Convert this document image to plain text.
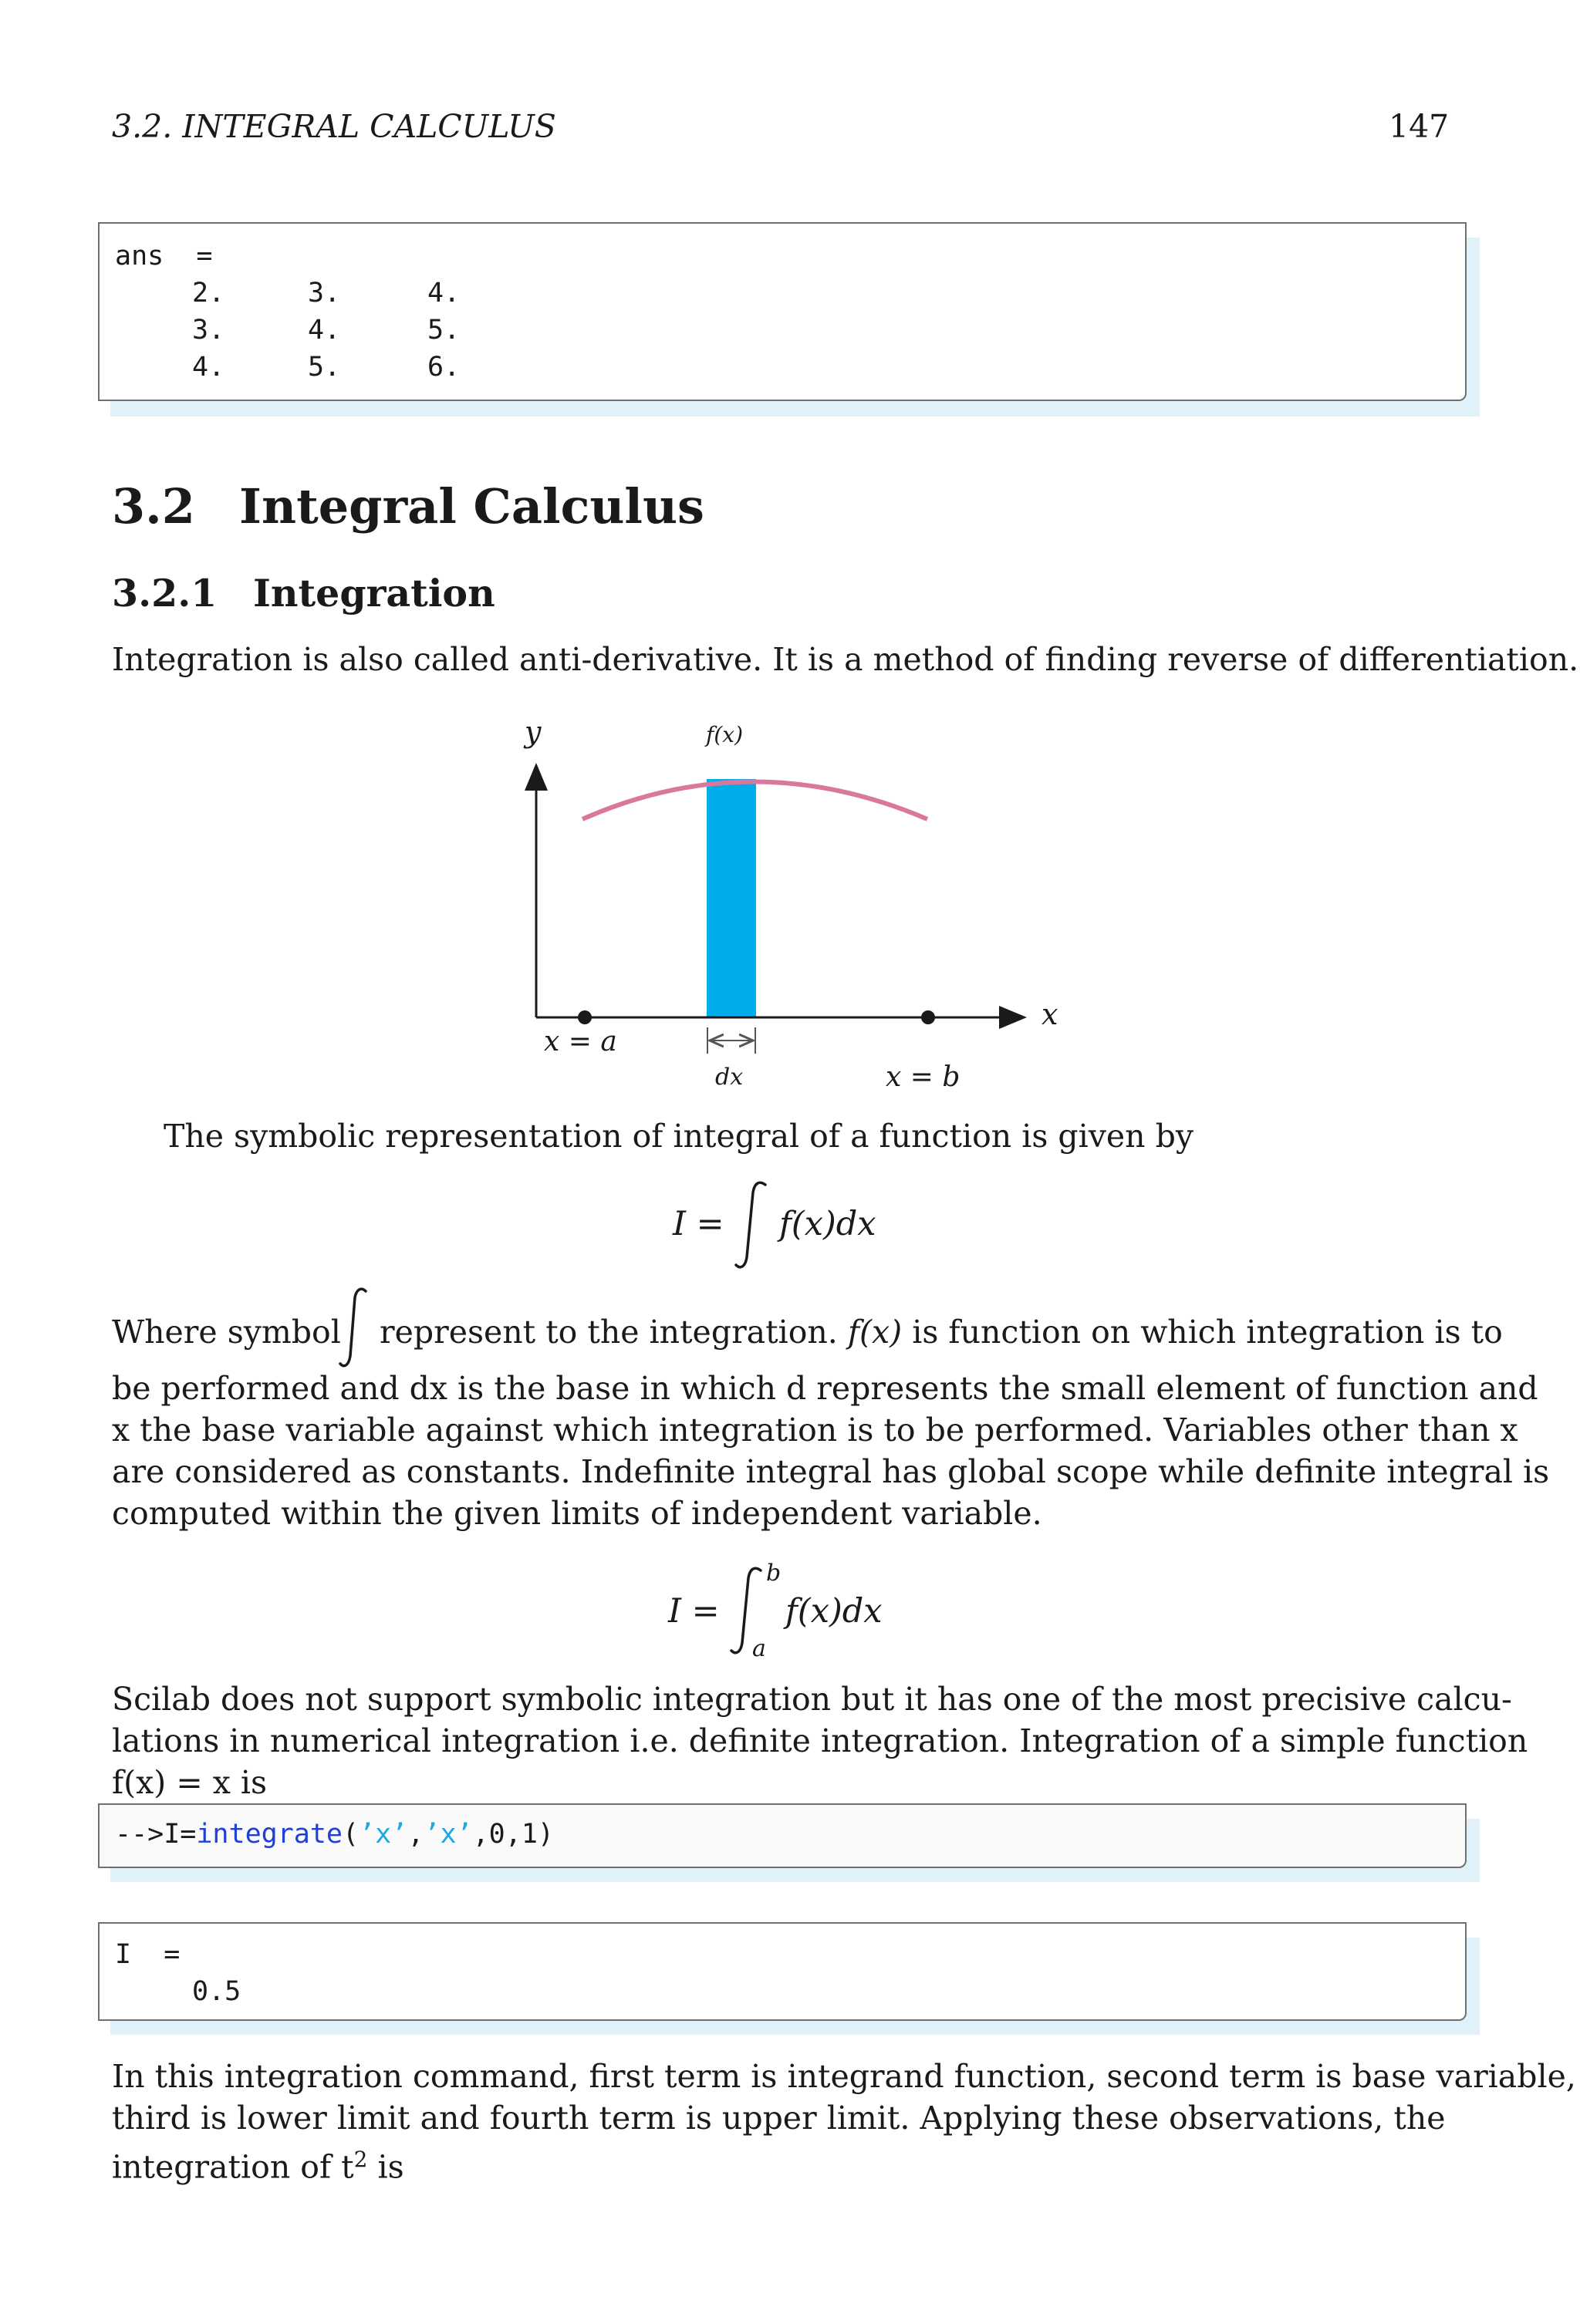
3.2. INTEGRAL CALCULUS	147
ans  =
2.	3.	4.
3.	4.	5.
4.	5.	6.
3.2 Integral Calculus
3.2.1 Integration
Integration is also called anti-derivative. It is a method of finding reverse of differentiation.
y	f(x)
x
x = a
x = b
dx
The symbolic representation of integral of a function is given by
I = f(x)dx
Where symbol represent to the integration. f(x) is function on which integration is to
be performed and dx is the base in which d represents the small element of function and
x the base variable against which integration is to be performed. Variables other than x
are considered as constants. Indefinite integral has global scope while definite integral is
computed within the given limits of independent variable.
I =
b
a
f(x)dx
Scilab does not support symbolic integration but it has one of the most precisive calcu-
lations in numerical integration i.e. definite integration. Integration of a simple function
f(x) = x is
-->I=integrate(’x’,’x’,0,1)
I  =
0.5
In this integration command, first term is integrand function, second term is base variable,
third is lower limit and fourth term is upper limit. Applying these observations, the
integration of $t^2$ is
